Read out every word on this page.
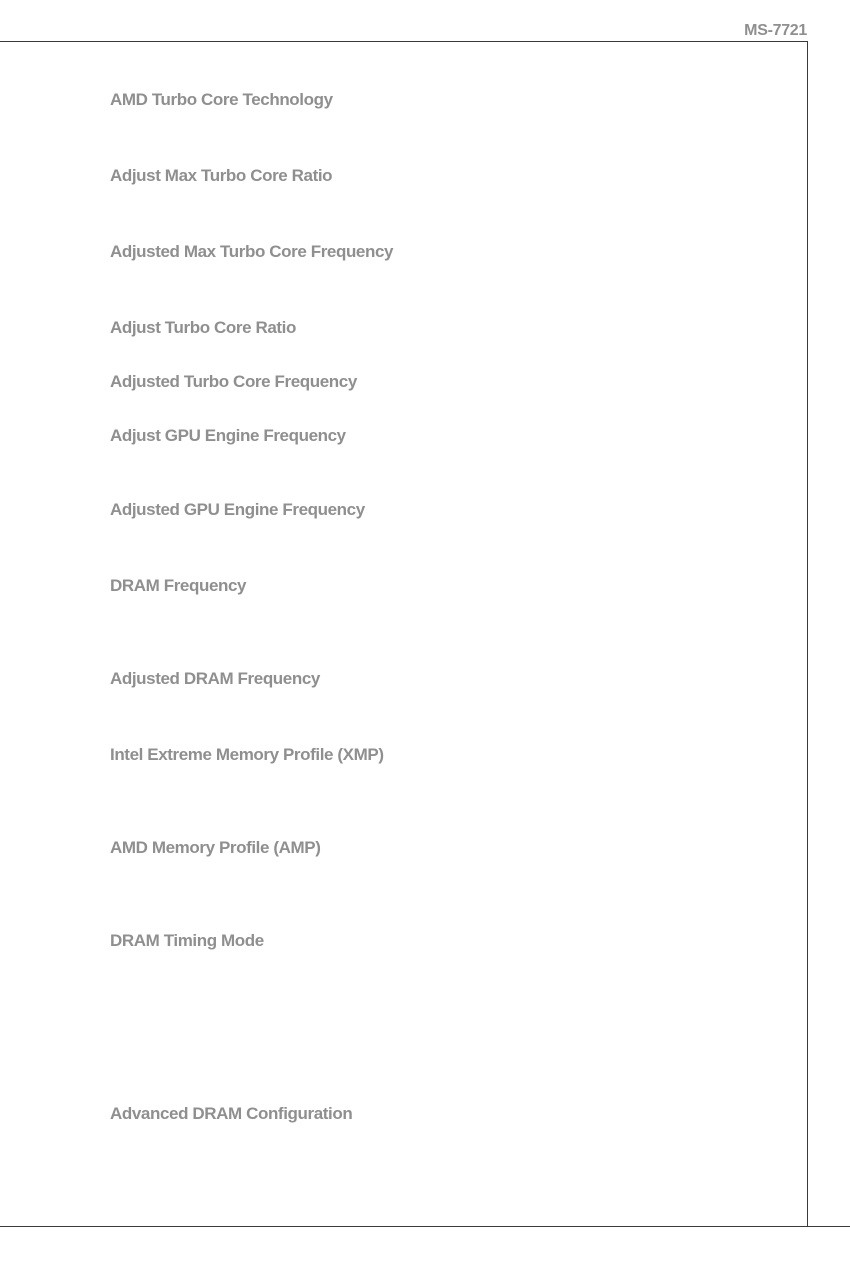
MS-7721
AMD Turbo Core Technology
Adjust Max Turbo Core Ratio
Adjusted Max Turbo Core Frequency
Adjust Turbo Core Ratio
Adjusted Turbo Core Frequency
Adjust GPU Engine Frequency
Adjusted GPU Engine Frequency
DRAM Frequency
Adjusted DRAM Frequency
Intel Extreme Memory Profile (XMP)
AMD Memory Profile (AMP)
DRAM Timing Mode
Advanced DRAM Configuration
